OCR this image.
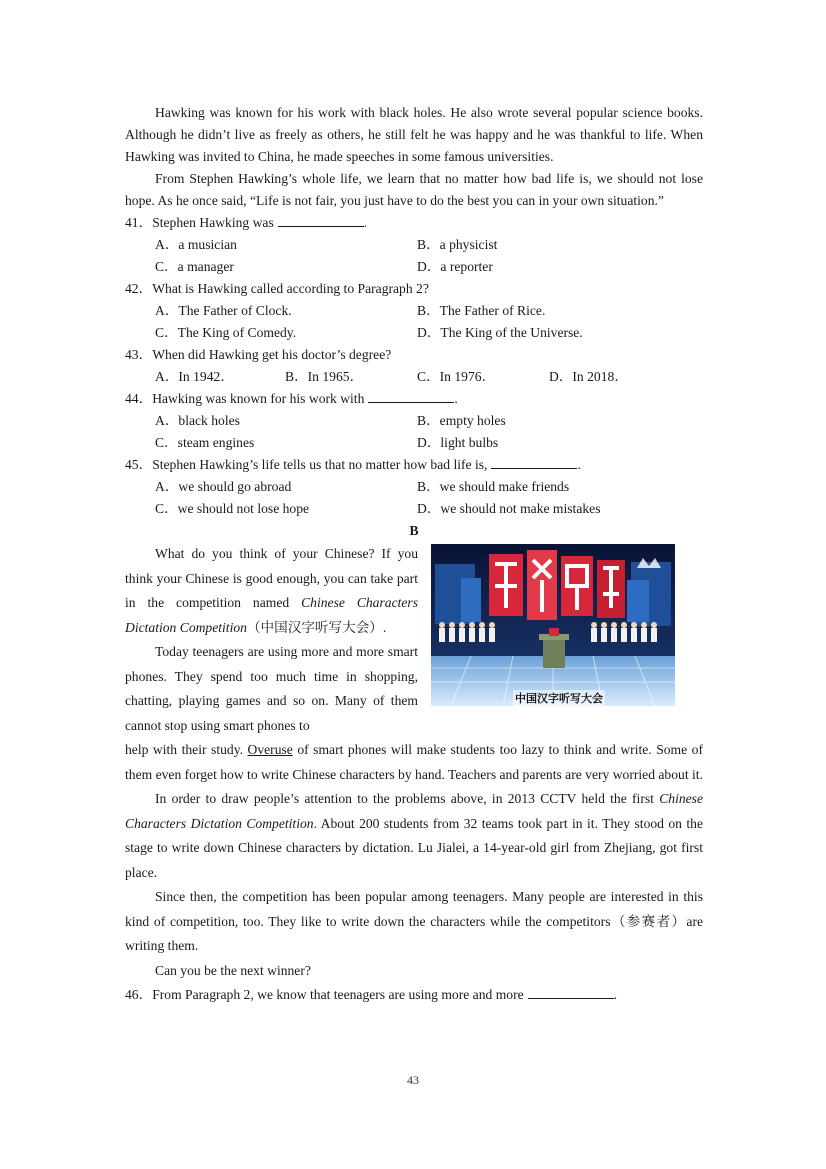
Hawking was known for his work with black holes. He also wrote several popular science books. Although he didn’t live as freely as others, he still felt he was happy and he was thankful to life. When Hawking was invited to China, he made speeches in some famous universities.

From Stephen Hawking’s whole life, we learn that no matter how bad life is, we should not lose hope. As he once said, “Life is not fair, you just have to do the best you can in your own situation.”

41．Stephen Hawking was	.

A．a musician	B．a physicist
C．a manager	D．a reporter

42．What is Hawking called according to Paragraph 2?

A．The Father of Clock.	B．The Father of Rice.
C．The King of Comedy.	D．The King of the Universe.

43．When did Hawking get his doctor’s degree?

A．In 1942．	B．In 1965．	C．In 1976．	D．In 2018．

44．Hawking was known for his work with	.

A．black holes	B．empty holes
C．steam engines	D．light bulbs

45．Stephen Hawking’s life tells us that no matter how bad life is,	.

A．we should go abroad	B．we should make friends
C．we should not lose hope	D．we should not make mistakes

B

What do you think of your Chinese? If you think your Chinese is good enough, you can take part in the competition named Chinese Characters Dictation Competition（中国汉字听写大会）.

Today teenagers are using more and more smart phones. They spend too much time in shopping, chatting, playing games and so on. Many of them cannot stop using smart phones to

中国汉字听写大会

help with their study. Overuse of smart phones will make students too lazy to think and write. Some of them even forget how to write Chinese characters by hand. Teachers and parents are very worried about it.

In order to draw people’s attention to the problems above, in 2013 CCTV held the first Chinese Characters Dictation Competition. About 200 students from 32 teams took part in it. They stood on the stage to write down Chinese characters by dictation. Lu Jialei, a 14-year-old girl from Zhejiang, got first place.

Since then, the competition has been popular among teenagers. Many people are interested in this kind of competition, too. They like to write down the characters while the competitors（参赛者）are writing them.

Can you be the next winner?

46．From Paragraph 2, we know that teenagers are using more and more	.

43
